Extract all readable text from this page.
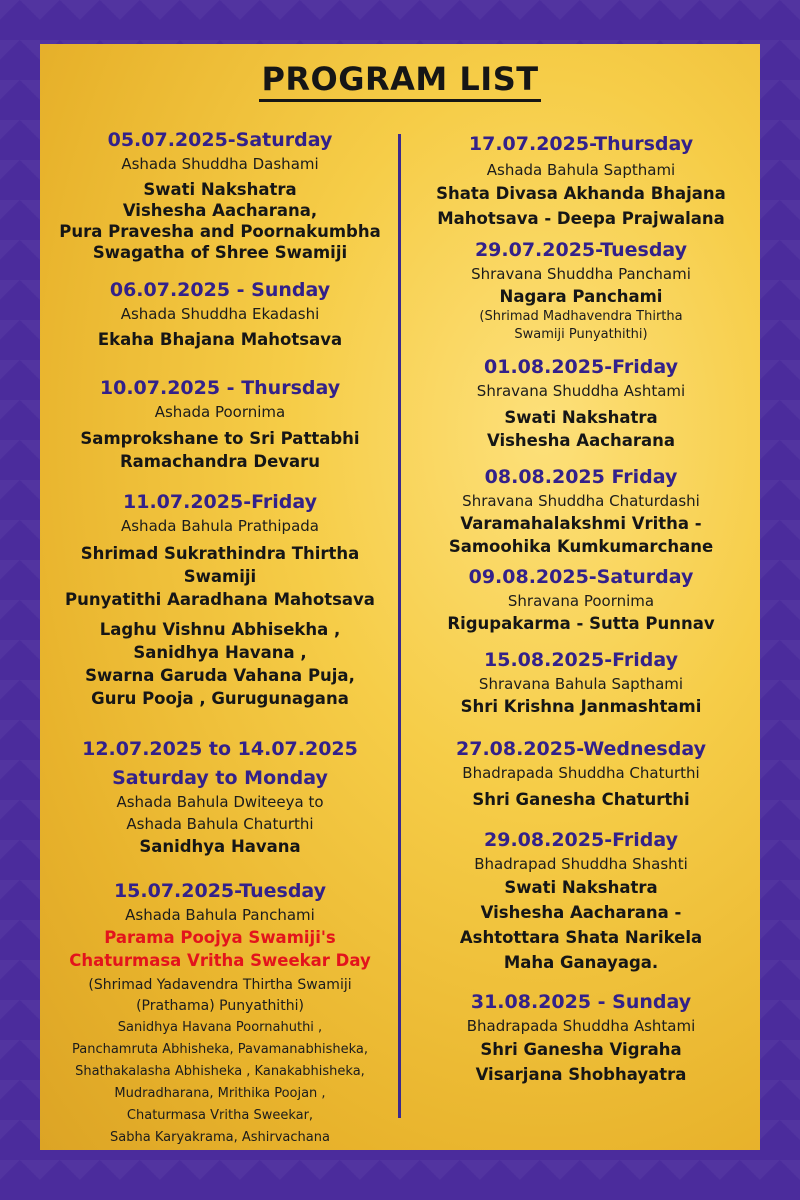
PROGRAM LIST
05.07.2025-Saturday
Ashada Shuddha Dashami
Swati Nakshatra
Vishesha Aacharana,
Pura Pravesha and Poornakumbha
Swagatha of Shree Swamiji
06.07.2025 - Sunday
Ashada Shuddha Ekadashi
Ekaha Bhajana Mahotsava
10.07.2025 - Thursday
Ashada Poornima
Samprokshane to Sri Pattabhi
Ramachandra Devaru
11.07.2025-Friday
Ashada Bahula Prathipada
Shrimad Sukrathindra Thirtha Swamiji
Punyatithi Aaradhana Mahotsava
Laghu Vishnu Abhisekha ,
Sanidhya Havana ,
Swarna Garuda Vahana Puja,
Guru Pooja , Gurugunagana
12.07.2025 to 14.07.2025
Saturday to Monday
Ashada Bahula Dwiteeya to
Ashada Bahula Chaturthi
Sanidhya Havana
15.07.2025-Tuesday
Ashada Bahula Panchami
Parama Poojya Swamiji's
Chaturmasa Vritha Sweekar Day
(Shrimad Yadavendra Thirtha Swamiji
(Prathama) Punyathithi)
Sanidhya Havana Poornahuthi ,
Panchamruta Abhisheka, Pavamanabhisheka,
Shathakalasha Abhisheka , Kanakabhisheka,
Mudradharana, Mrithika Poojan ,
Chaturmasa Vritha Sweekar,
Sabha Karyakrama, Ashirvachana
17.07.2025-Thursday
Ashada Bahula Sapthami
Shata Divasa Akhanda Bhajana
Mahotsava - Deepa Prajwalana
29.07.2025-Tuesday
Shravana Shuddha Panchami
Nagara Panchami
(Shrimad Madhavendra Thirtha
Swamiji Punyathithi)
01.08.2025-Friday
Shravana Shuddha Ashtami
Swati Nakshatra
Vishesha Aacharana
08.08.2025 Friday
Shravana Shuddha Chaturdashi
Varamahalakshmi Vritha -
Samoohika Kumkumarchane
09.08.2025-Saturday
Shravana Poornima
Rigupakarma - Sutta Punnav
15.08.2025-Friday
Shravana Bahula Sapthami
Shri Krishna Janmashtami
27.08.2025-Wednesday
Bhadrapada Shuddha Chaturthi
Shri Ganesha Chaturthi
29.08.2025-Friday
Bhadrapad Shuddha Shashti
Swati Nakshatra
Vishesha Aacharana -
Ashtottara Shata Narikela
Maha Ganayaga.
31.08.2025 - Sunday
Bhadrapada Shuddha Ashtami
Shri Ganesha Vigraha
Visarjana Shobhayatra
